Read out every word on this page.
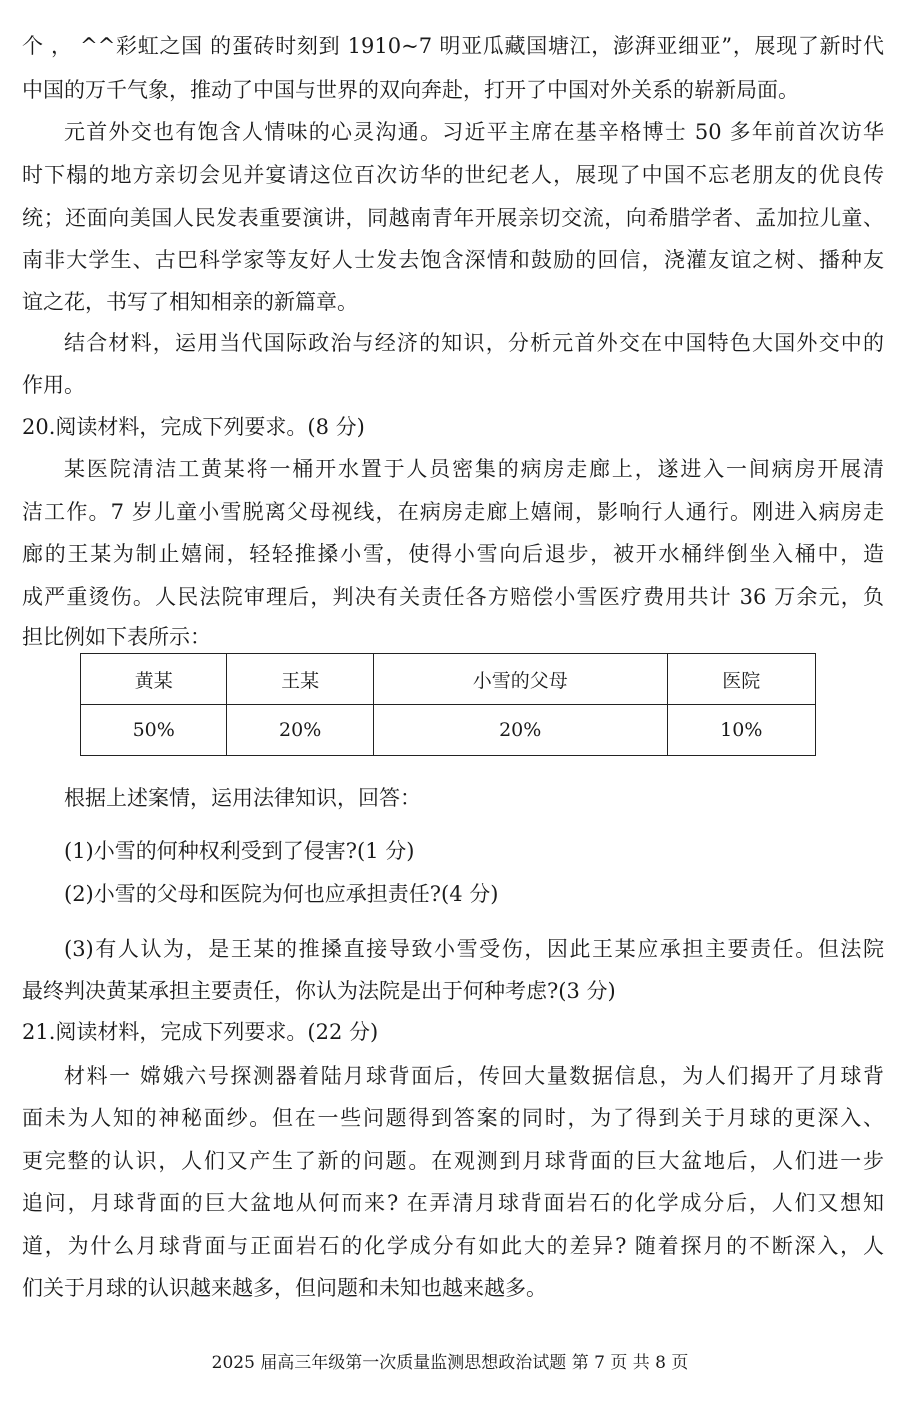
个 ， ^^彩虹之国 的蛋砖时刻到 1910~7 明亚瓜藏国塘江，澎湃亚细亚”，展现了新时代
中国的万千气象，推动了中国与世界的双向奔赴，打开了中国对外关系的崭新局面。
元首外交也有饱含人情味的心灵沟通。习近平主席在基辛格博士 50 多年前首次访华
时下榻的地方亲切会见并宴请这位百次访华的世纪老人，展现了中国不忘老朋友的优良传
统；还面向美国人民发表重要演讲，同越南青年开展亲切交流，向希腊学者、孟加拉儿童、
南非大学生、古巴科学家等友好人士发去饱含深情和鼓励的回信，浇灌友谊之树、播种友
谊之花，书写了相知相亲的新篇章。
结合材料，运用当代国际政治与经济的知识，分析元首外交在中国特色大国外交中的
作用。
20.阅读材料，完成下列要求。(8 分)
某医院清洁工黄某将一桶开水置于人员密集的病房走廊上，遂进入一间病房开展清
洁工作。7 岁儿童小雪脱离父母视线，在病房走廊上嬉闹，影响行人通行。刚进入病房走
廊的王某为制止嬉闹，轻轻推搡小雪，使得小雪向后退步，被开水桶绊倒坐入桶中，造
成严重烫伤。人民法院审理后，判决有关责任各方赔偿小雪医疗费用共计 36 万余元，负
担比例如下表所示：
黄某	王某	小雪的父母	医院
50%	20%	20%	10%
根据上述案情，运用法律知识，回答：
(1)小雪的何种权利受到了侵害?(1 分)
(2)小雪的父母和医院为何也应承担责任?(4 分)
(3)有人认为，是王某的推搡直接导致小雪受伤，因此王某应承担主要责任。但法院
最终判决黄某承担主要责任，你认为法院是出于何种考虑?(3 分)
21.阅读材料，完成下列要求。(22 分)
材料一 嫦娥六号探测器着陆月球背面后，传回大量数据信息，为人们揭开了月球背
面未为人知的神秘面纱。但在一些问题得到答案的同时，为了得到关于月球的更深入、
更完整的认识，人们又产生了新的问题。在观测到月球背面的巨大盆地后，人们进一步
追问，月球背面的巨大盆地从何而来? 在弄清月球背面岩石的化学成分后，人们又想知
道，为什么月球背面与正面岩石的化学成分有如此大的差异? 随着探月的不断深入，人
们关于月球的认识越来越多，但问题和未知也越来越多。
2025 届高三年级第一次质量监测思想政治试题 第 7 页 共 8 页
